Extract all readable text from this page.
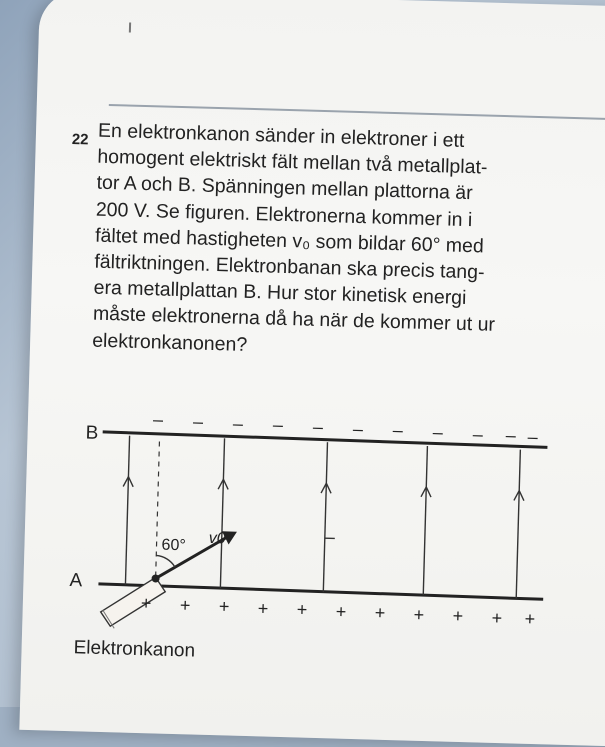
22 En elektronkanon sänder in elektroner i ett
homogent elektriskt fält mellan två metallplat-
tor A och B. Spänningen mellan plattorna är
200 V. Se figuren. Elektronerna kommer in i
fältet med hastigheten v₀ som bildar 60° med
fältriktningen. Elektronbanan ska precis tang-
era metallplattan B. Hur stor kinetisk energi
måste elektronerna då ha när de kommer ut ur
elektronkanonen?
B
A
60° v0
– – – – – – – – – – –
+ + + + + + + + + + +
Elektronkanon
